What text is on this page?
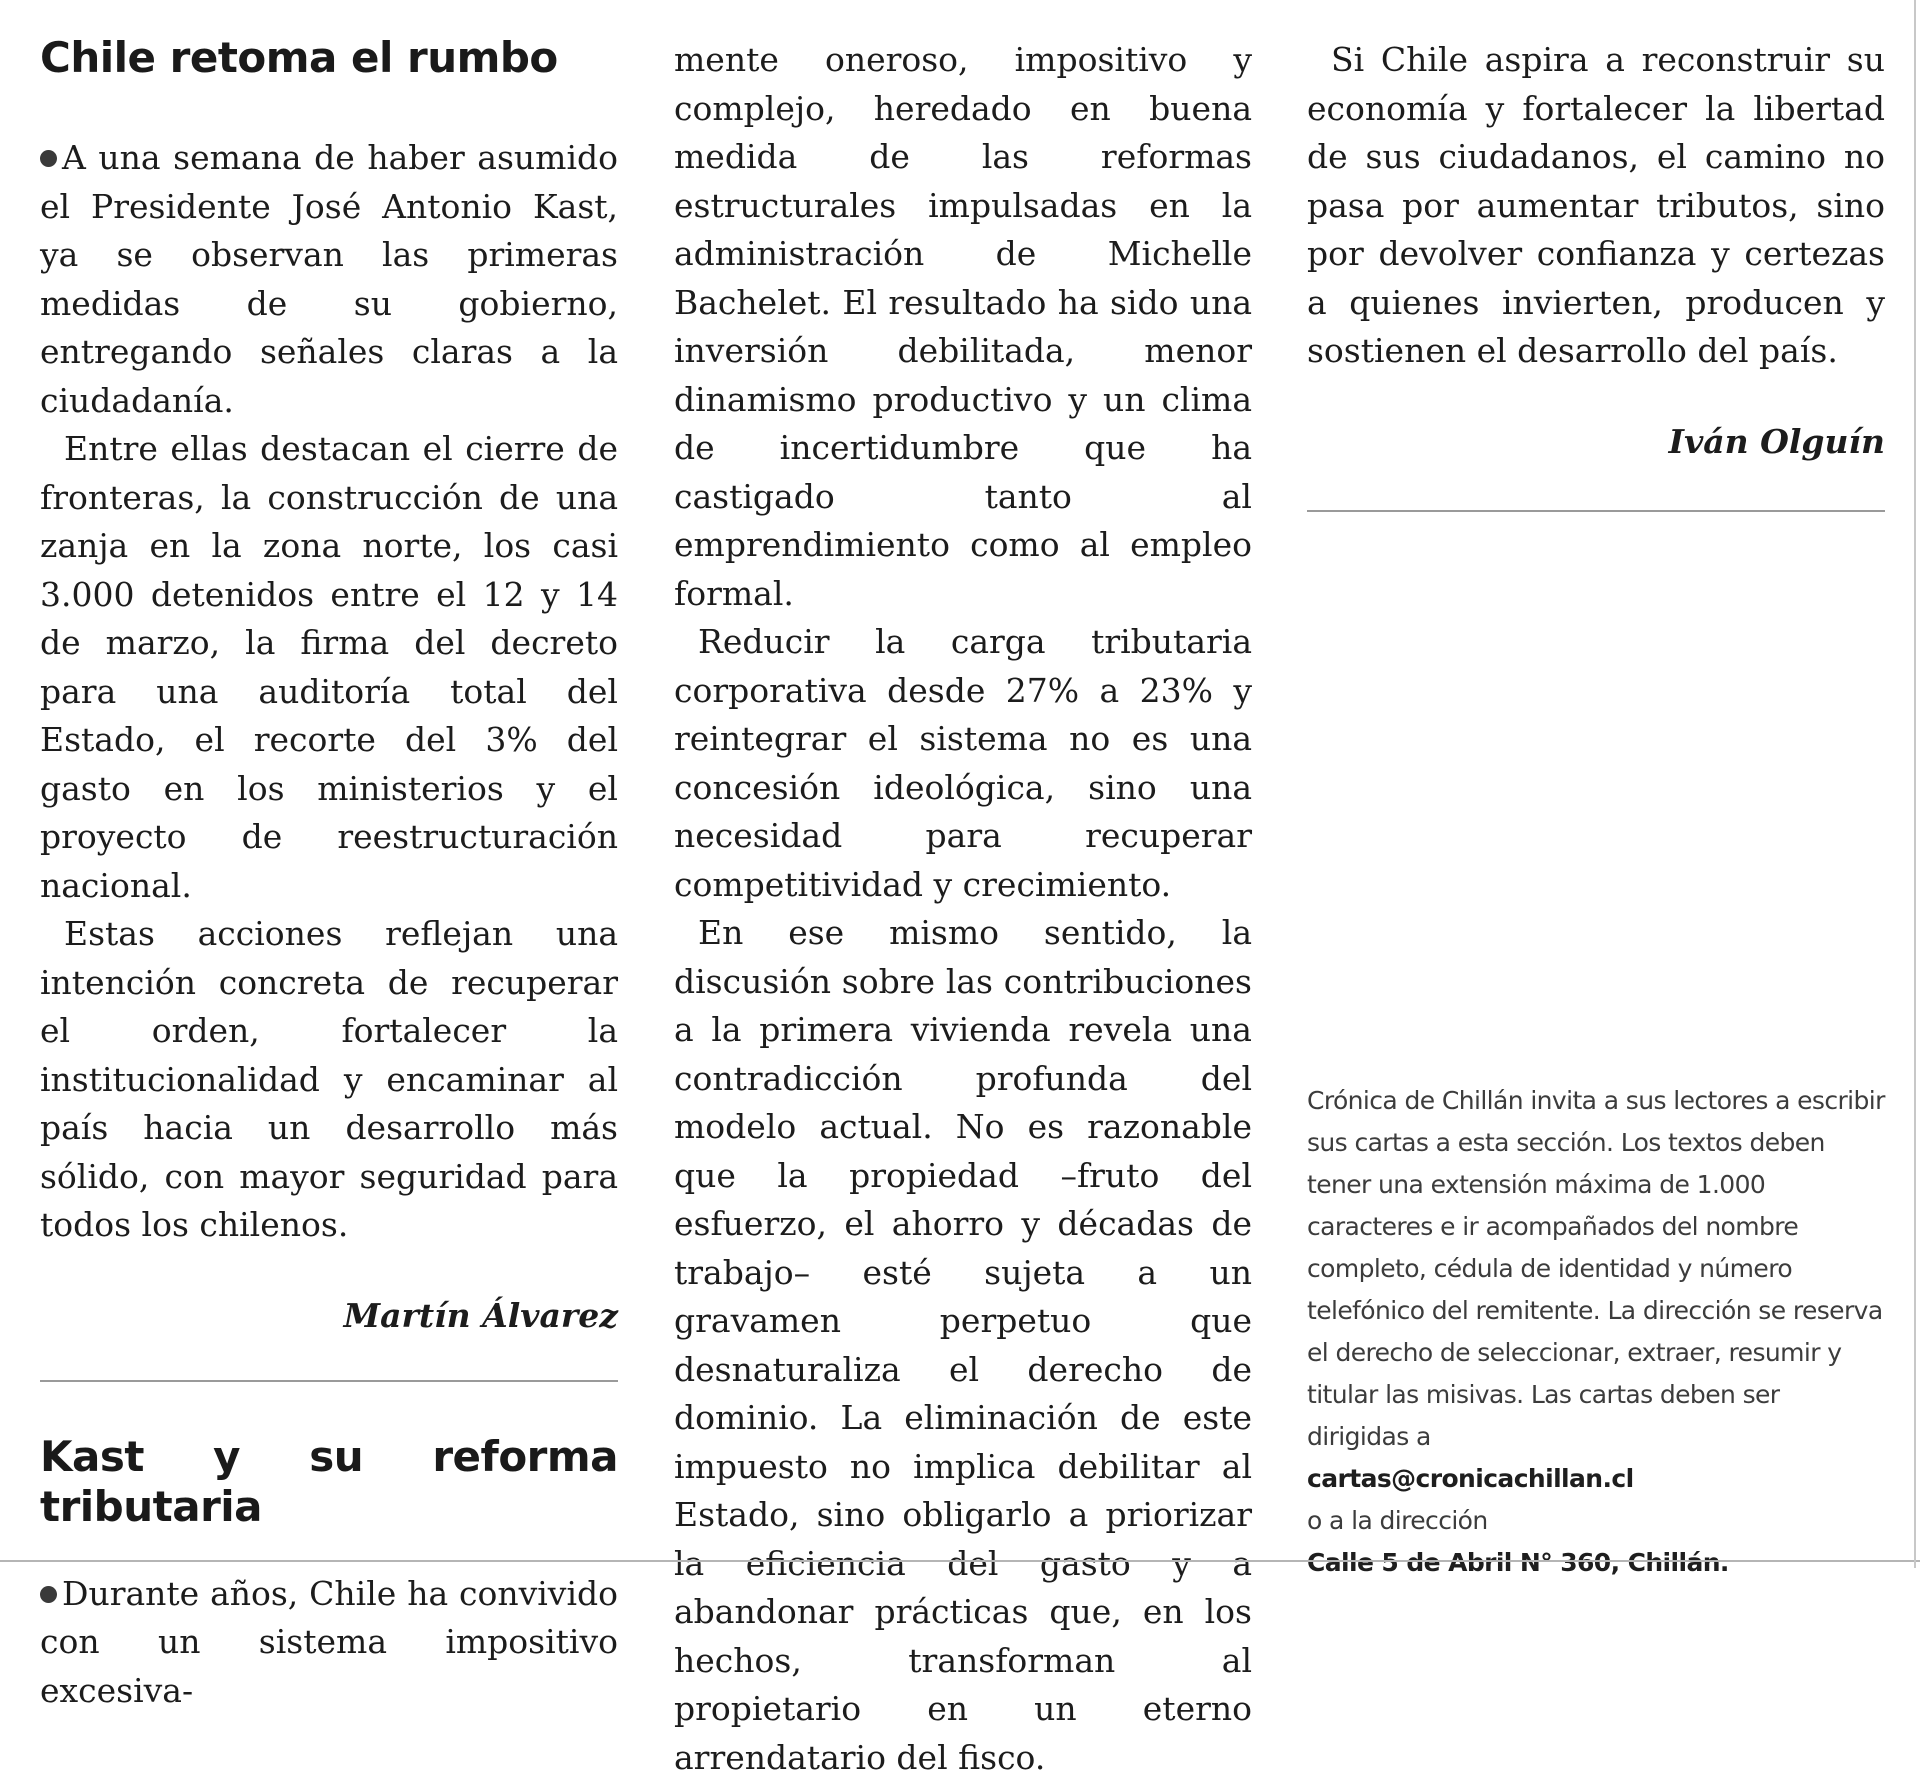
Chile retoma el rumbo

A una semana de haber asumido el Presidente José Antonio Kast, ya se observan las primeras medidas de su gobierno, entregando señales claras a la ciudadanía.

Entre ellas destacan el cierre de fronteras, la construcción de una zanja en la zona norte, los casi 3.000 detenidos entre el 12 y 14 de marzo, la firma del decreto para una auditoría total del Estado, el recorte del 3% del gasto en los ministerios y el proyecto de reestructuración nacional.

Estas acciones reflejan una intención concreta de recuperar el orden, fortalecer la institucionalidad y encaminar al país hacia un desarrollo más sólido, con mayor seguridad para todos los chilenos.

Martín Álvarez
Kast y su reforma tributaria

Durante años, Chile ha convivido con un sistema impositivo excesiva-

mente oneroso, impositivo y complejo, heredado en buena medida de las reformas estructurales impulsadas en la administración de Michelle Bachelet. El resultado ha sido una inversión debilitada, menor dinamismo productivo y un clima de incertidumbre que ha castigado tanto al emprendimiento como al empleo formal.

Reducir la carga tributaria corporativa desde 27% a 23% y reintegrar el sistema no es una concesión ideológica, sino una necesidad para recuperar competitividad y crecimiento.

En ese mismo sentido, la discusión sobre las contribuciones a la primera vivienda revela una contradicción profunda del modelo actual. No es razonable que la propiedad –fruto del esfuerzo, el ahorro y décadas de trabajo– esté sujeta a un gravamen perpetuo que desnaturaliza el derecho de dominio. La eliminación de este impuesto no implica debilitar al Estado, sino obligarlo a priorizar la eficiencia del gasto y a abandonar prácticas que, en los hechos, transforman al propietario en un eterno arrendatario del fisco.

Si Chile aspira a reconstruir su economía y fortalecer la libertad de sus ciudadanos, el camino no pasa por aumentar tributos, sino por devolver confianza y certezas a quienes invierten, producen y sostienen el desarrollo del país.

Iván Olguín
Crónica de Chillán invita a sus lectores a escribir sus cartas a esta sección. Los textos deben tener una extensión máxima de 1.000 caracteres e ir acompañados del nombre completo, cédula de identidad y número telefónico del remitente. La dirección se reserva el derecho de seleccionar, extraer, resumir y titular las misivas. Las cartas deben ser dirigidas a
cartas@cronicachillan.cl
o a la dirección
Calle 5 de Abril N° 360, Chillán.
